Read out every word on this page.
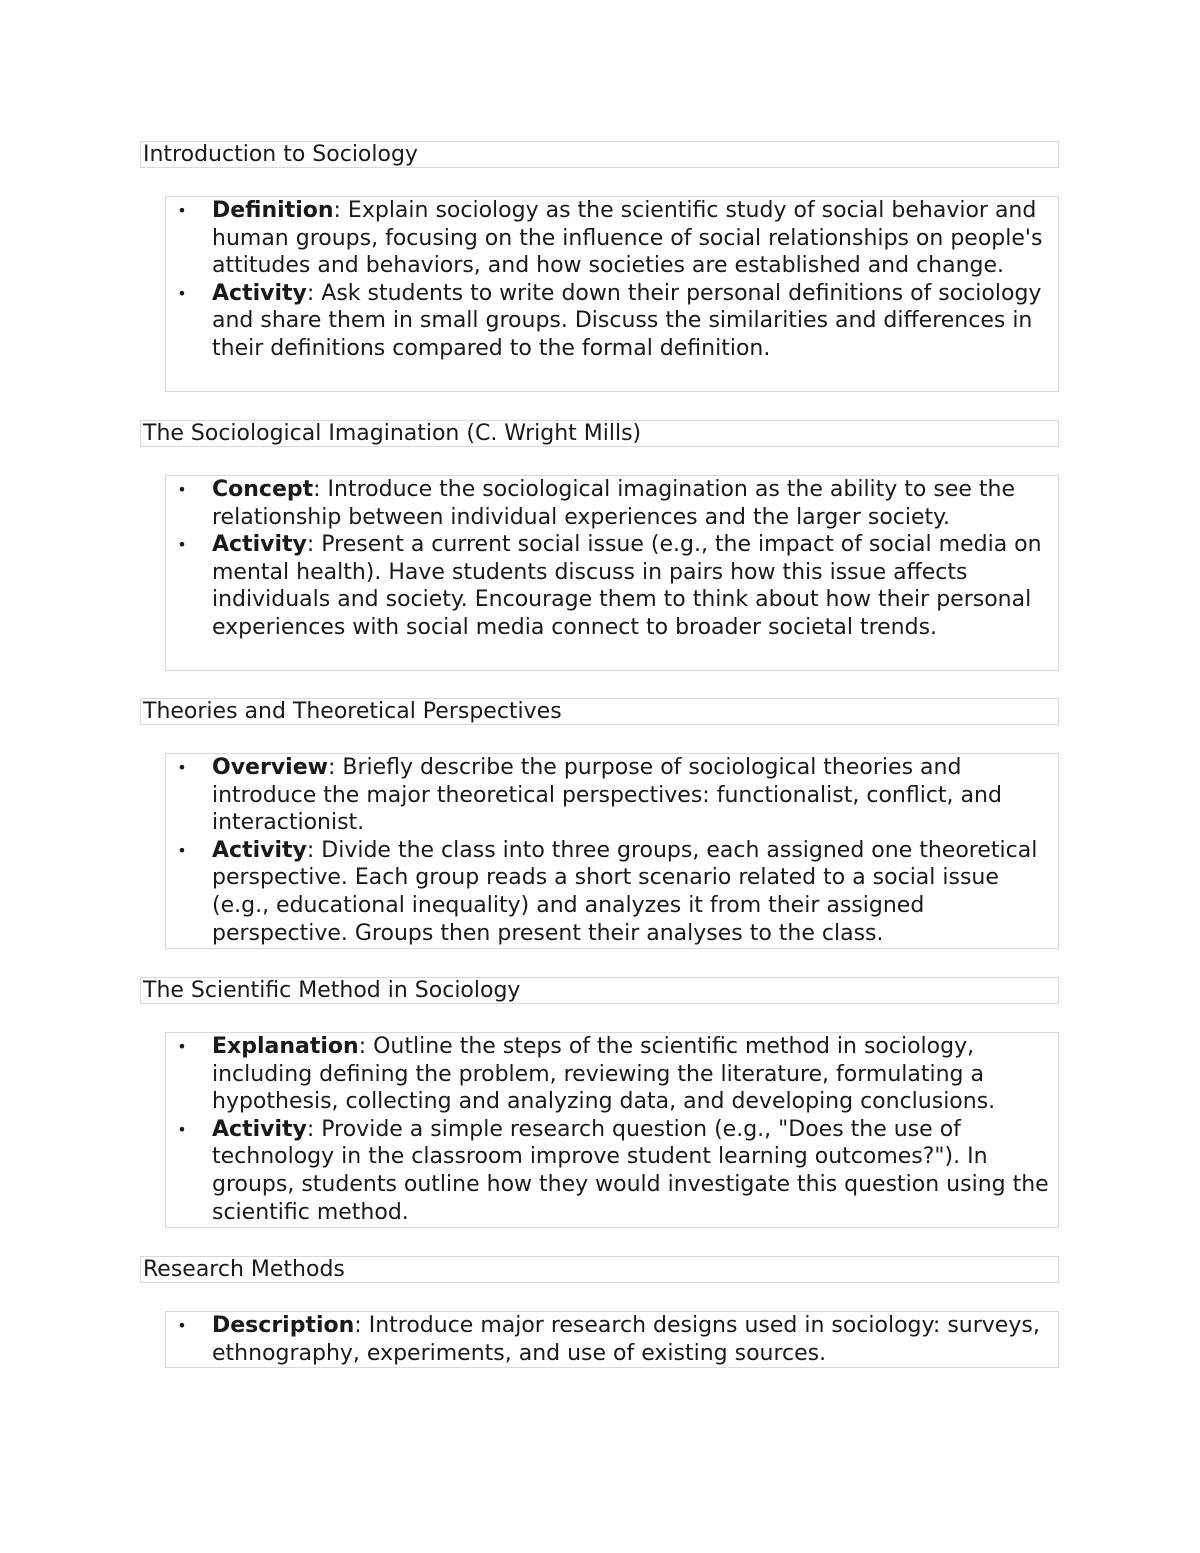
Introduction to Sociology
• Definition: Explain sociology as the scientific study of social behavior and human groups, focusing on the influence of social relationships on people's attitudes and behaviors, and how societies are established and change.
• Activity: Ask students to write down their personal definitions of sociology and share them in small groups. Discuss the similarities and differences in their definitions compared to the formal definition.
The Sociological Imagination (C. Wright Mills)
• Concept: Introduce the sociological imagination as the ability to see the relationship between individual experiences and the larger society.
• Activity: Present a current social issue (e.g., the impact of social media on mental health). Have students discuss in pairs how this issue affects individuals and society. Encourage them to think about how their personal experiences with social media connect to broader societal trends.
Theories and Theoretical Perspectives
• Overview: Briefly describe the purpose of sociological theories and introduce the major theoretical perspectives: functionalist, conflict, and interactionist.
• Activity: Divide the class into three groups, each assigned one theoretical perspective. Each group reads a short scenario related to a social issue (e.g., educational inequality) and analyzes it from their assigned perspective. Groups then present their analyses to the class.
The Scientific Method in Sociology
• Explanation: Outline the steps of the scientific method in sociology, including defining the problem, reviewing the literature, formulating a hypothesis, collecting and analyzing data, and developing conclusions.
• Activity: Provide a simple research question (e.g., "Does the use of technology in the classroom improve student learning outcomes?"). In groups, students outline how they would investigate this question using the scientific method.
Research Methods
• Description: Introduce major research designs used in sociology: surveys, ethnography, experiments, and use of existing sources.
